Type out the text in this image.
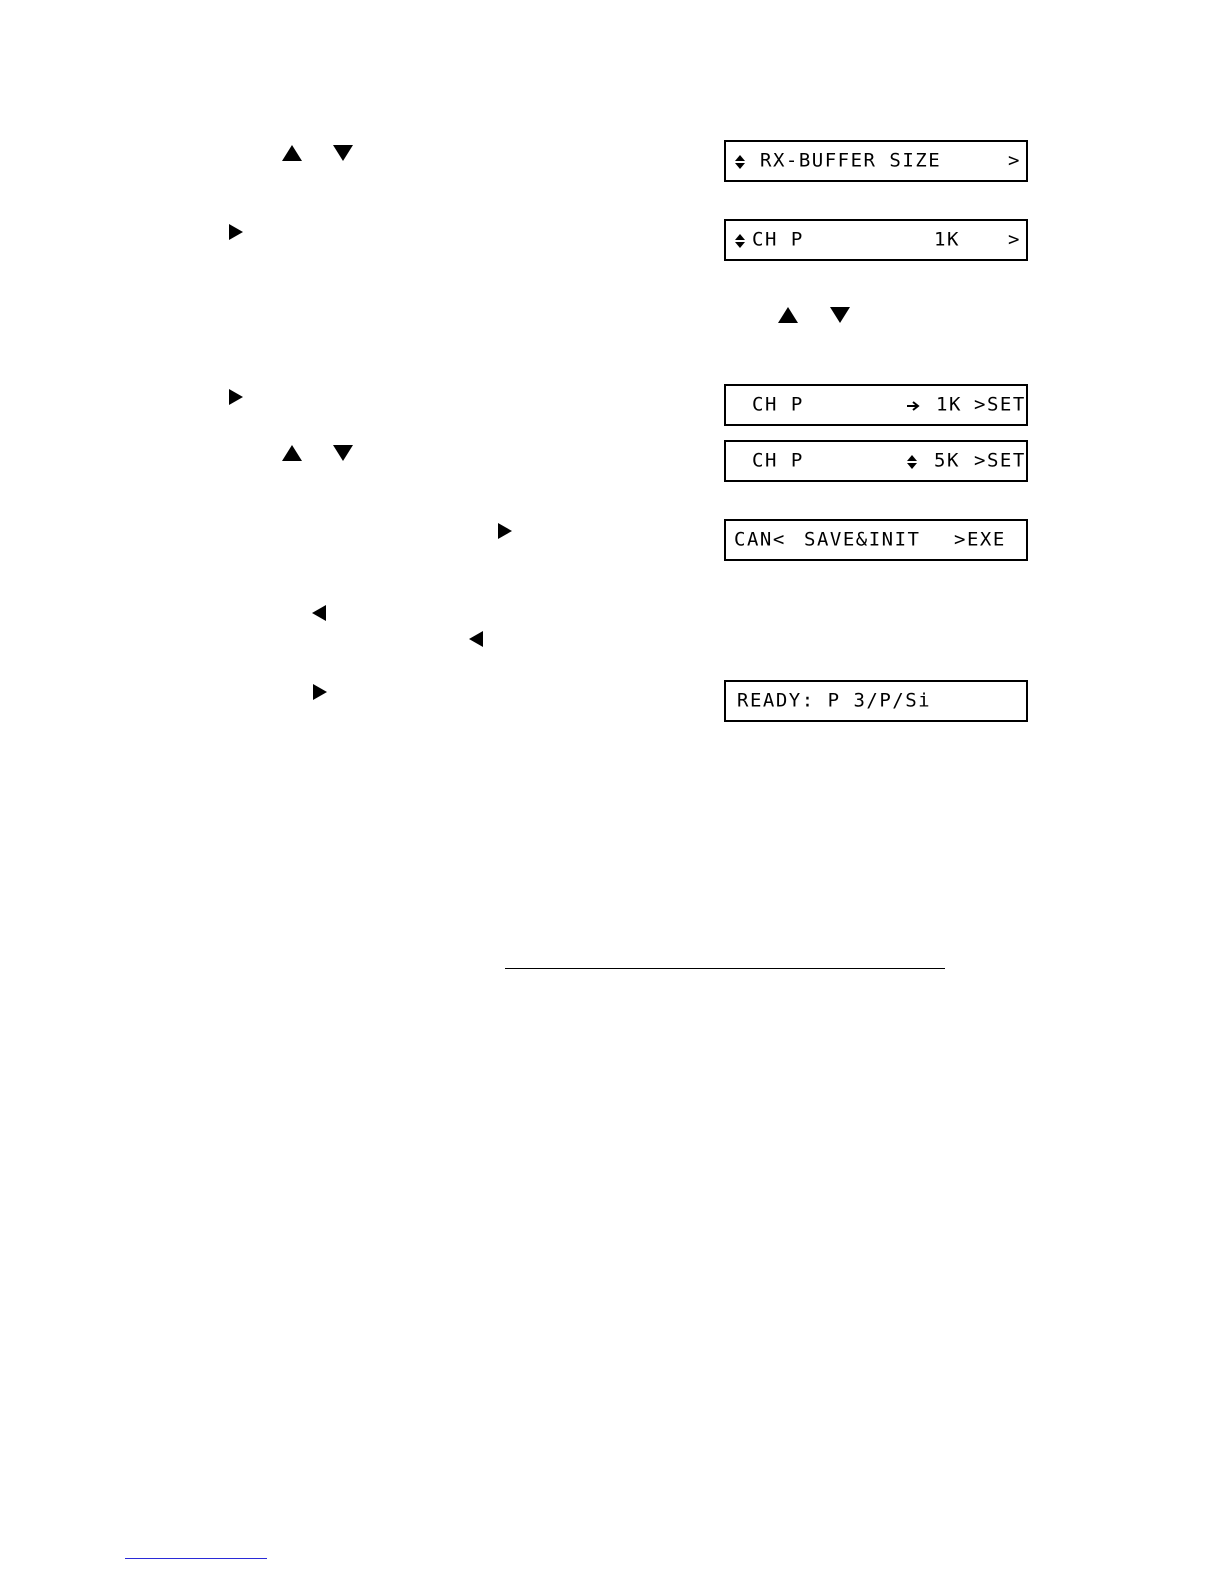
RX-BUFFER SIZE	>
CH P	1K	>
CH P	1K >SET
CH P	5K >SET
CAN< SAVE&INIT >EXE
READY: P 3/P/Si
